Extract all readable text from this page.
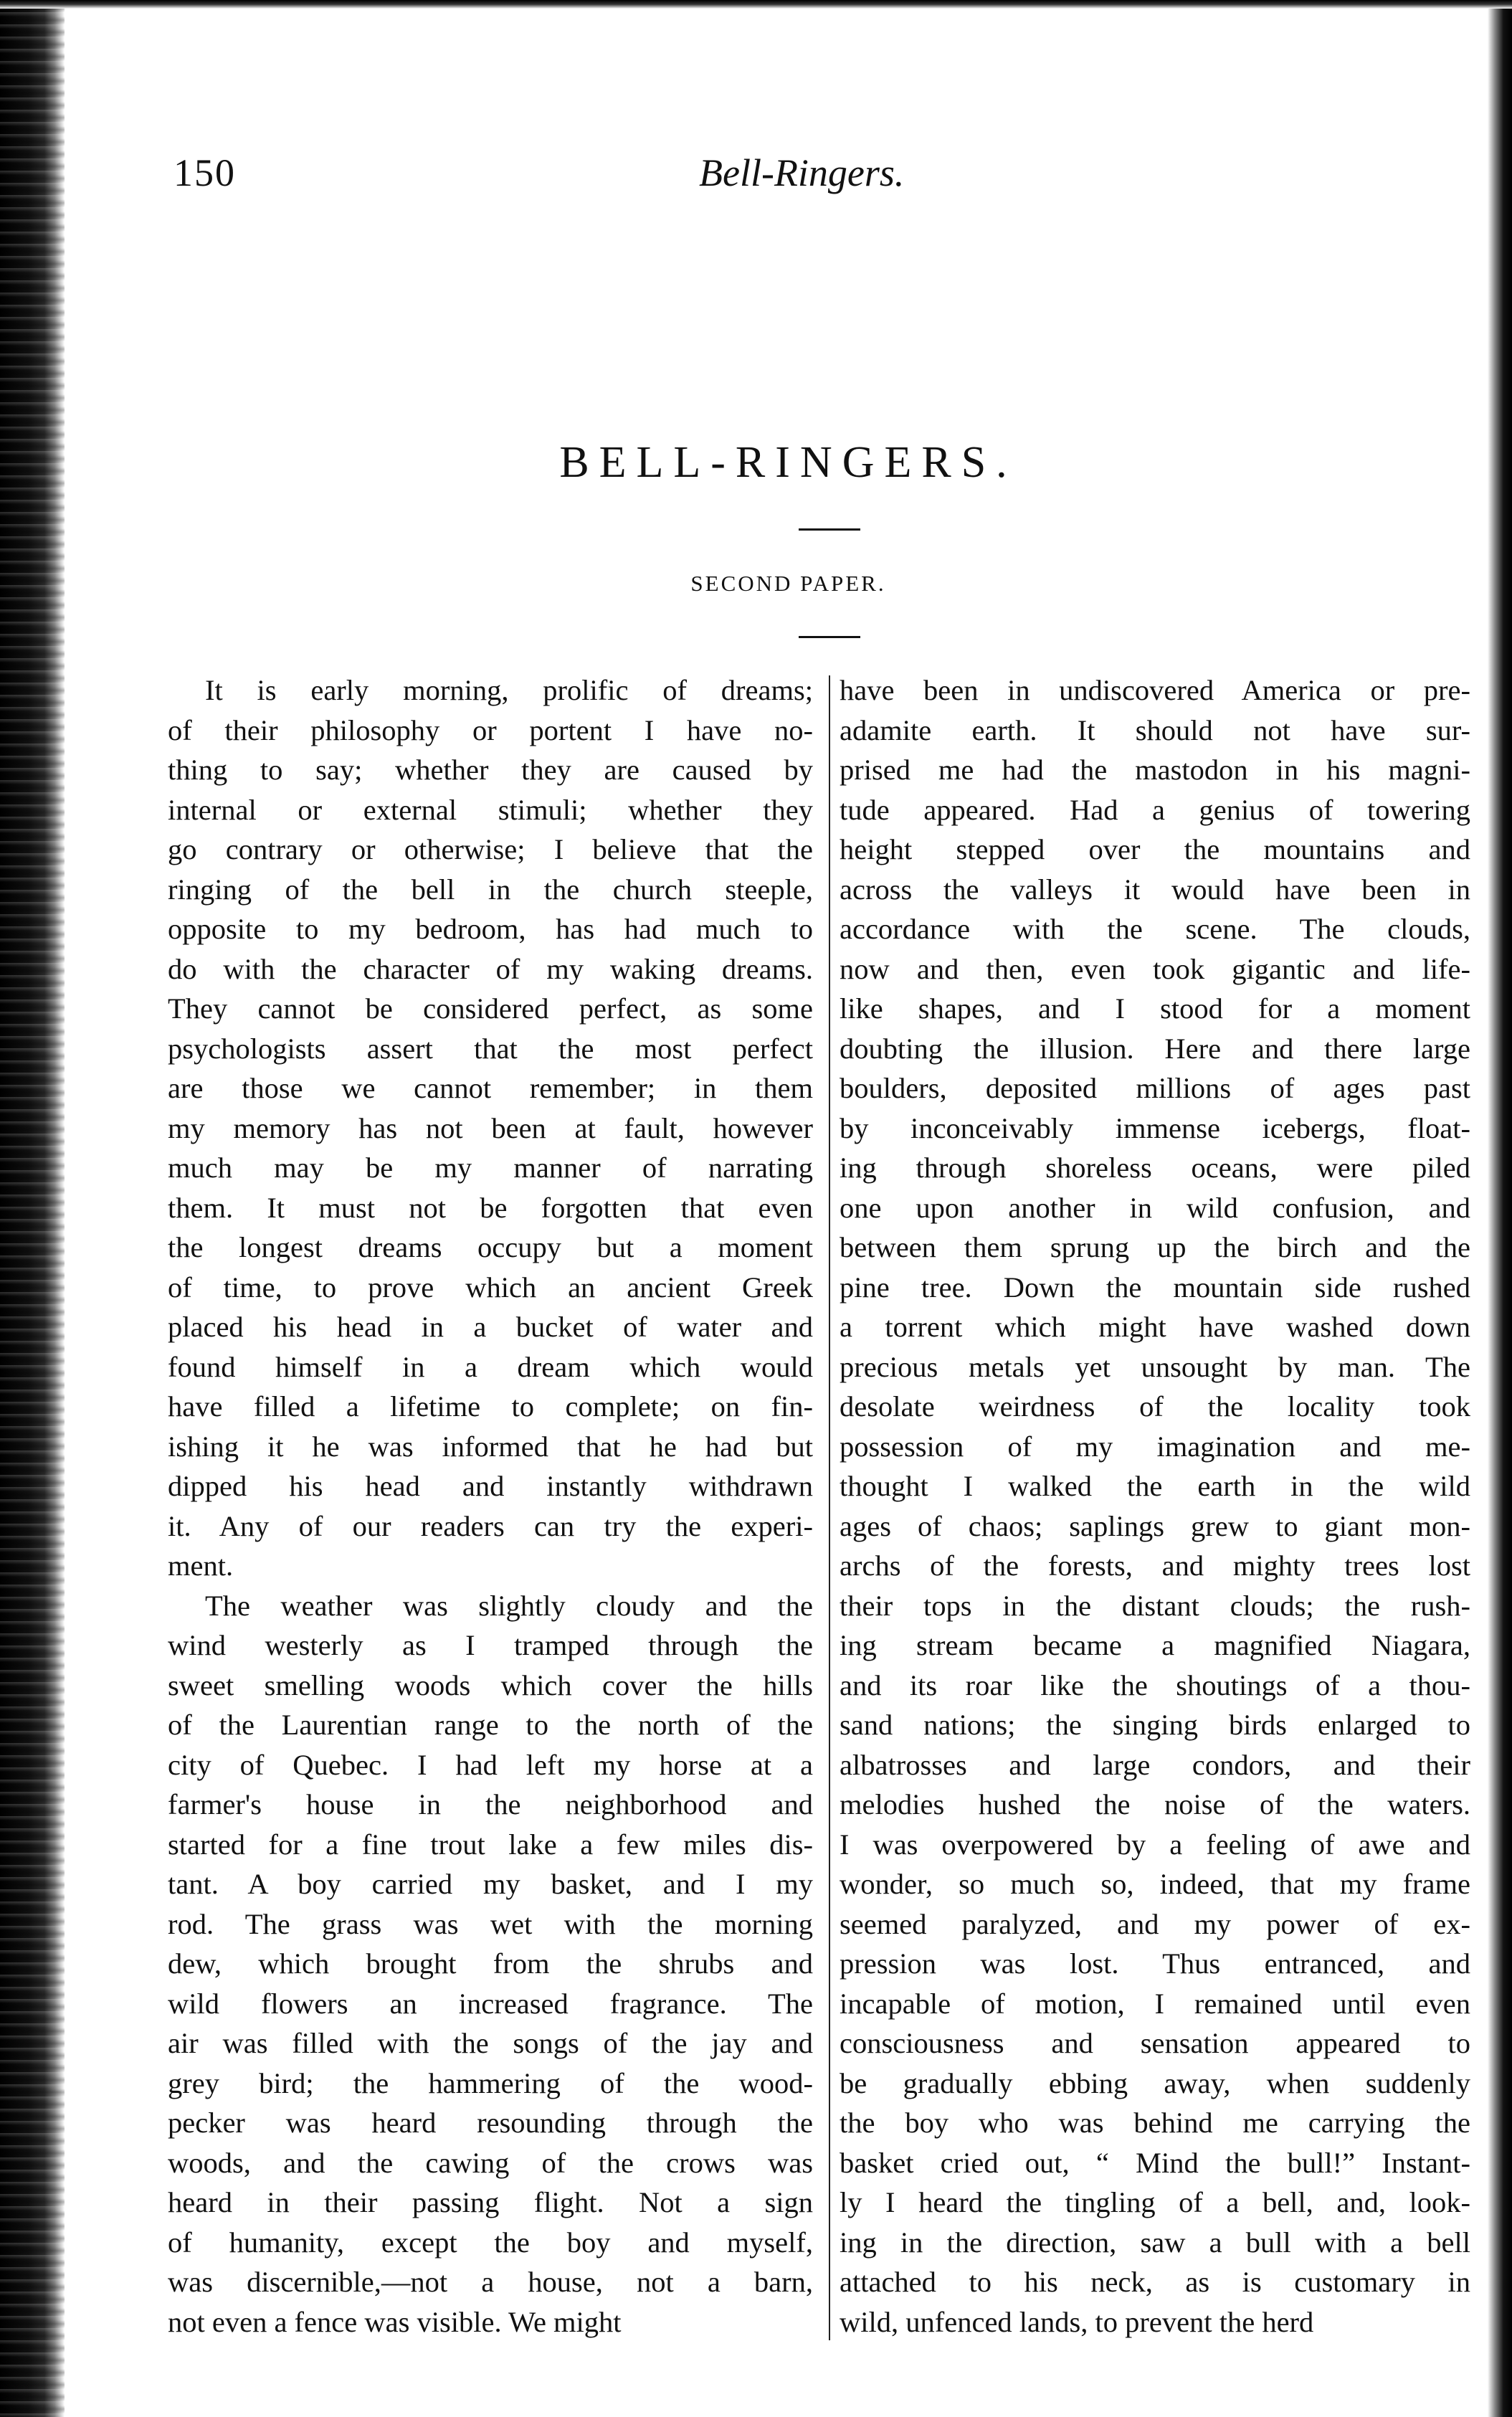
150	Bell-Ringers.
BELL-RINGERS.
SECOND PAPER.
It is early morning, prolific of dreams;
of their philosophy or portent I have no-
thing to say; whether they are caused by
internal or external stimuli; whether they
go contrary or otherwise; I believe that the
ringing of the bell in the church steeple,
opposite to my bedroom, has had much to
do with the character of my waking dreams.
They cannot be considered perfect, as some
psychologists assert that the most perfect
are those we cannot remember; in them
my memory has not been at fault, however
much may be my manner of narrating
them. It must not be forgotten that even
the longest dreams occupy but a moment
of time, to prove which an ancient Greek
placed his head in a bucket of water and
found himself in a dream which would
have filled a lifetime to complete; on fin-
ishing it he was informed that he had but
dipped his head and instantly withdrawn
it. Any of our readers can try the experi-
ment.
The weather was slightly cloudy and the
wind westerly as I tramped through the
sweet smelling woods which cover the hills
of the Laurentian range to the north of the
city of Quebec. I had left my horse at a
farmer's house in the neighborhood and
started for a fine trout lake a few miles dis-
tant. A boy carried my basket, and I my
rod. The grass was wet with the morning
dew, which brought from the shrubs and
wild flowers an increased fragrance. The
air was filled with the songs of the jay and
grey bird; the hammering of the wood-
pecker was heard resounding through the
woods, and the cawing of the crows was
heard in their passing flight. Not a sign
of humanity, except the boy and myself,
was discernible,—not a house, not a barn,
not even a fence was visible. We might
have been in undiscovered America or pre-
adamite earth. It should not have sur-
prised me had the mastodon in his magni-
tude appeared. Had a genius of towering
height stepped over the mountains and
across the valleys it would have been in
accordance with the scene. The clouds,
now and then, even took gigantic and life-
like shapes, and I stood for a moment
doubting the illusion. Here and there large
boulders, deposited millions of ages past
by inconceivably immense icebergs, float-
ing through shoreless oceans, were piled
one upon another in wild confusion, and
between them sprung up the birch and the
pine tree. Down the mountain side rushed
a torrent which might have washed down
precious metals yet unsought by man. The
desolate weirdness of the locality took
possession of my imagination and me-
thought I walked the earth in the wild
ages of chaos; saplings grew to giant mon-
archs of the forests, and mighty trees lost
their tops in the distant clouds; the rush-
ing stream became a magnified Niagara,
and its roar like the shoutings of a thou-
sand nations; the singing birds enlarged to
albatrosses and large condors, and their
melodies hushed the noise of the waters.
I was overpowered by a feeling of awe and
wonder, so much so, indeed, that my frame
seemed paralyzed, and my power of ex-
pression was lost. Thus entranced, and
incapable of motion, I remained until even
consciousness and sensation appeared to
be gradually ebbing away, when suddenly
the boy who was behind me carrying the
basket cried out, “ Mind the bull!” Instant-
ly I heard the tingling of a bell, and, look-
ing in the direction, saw a bull with a bell
attached to his neck, as is customary in
wild, unfenced lands, to prevent the herd
